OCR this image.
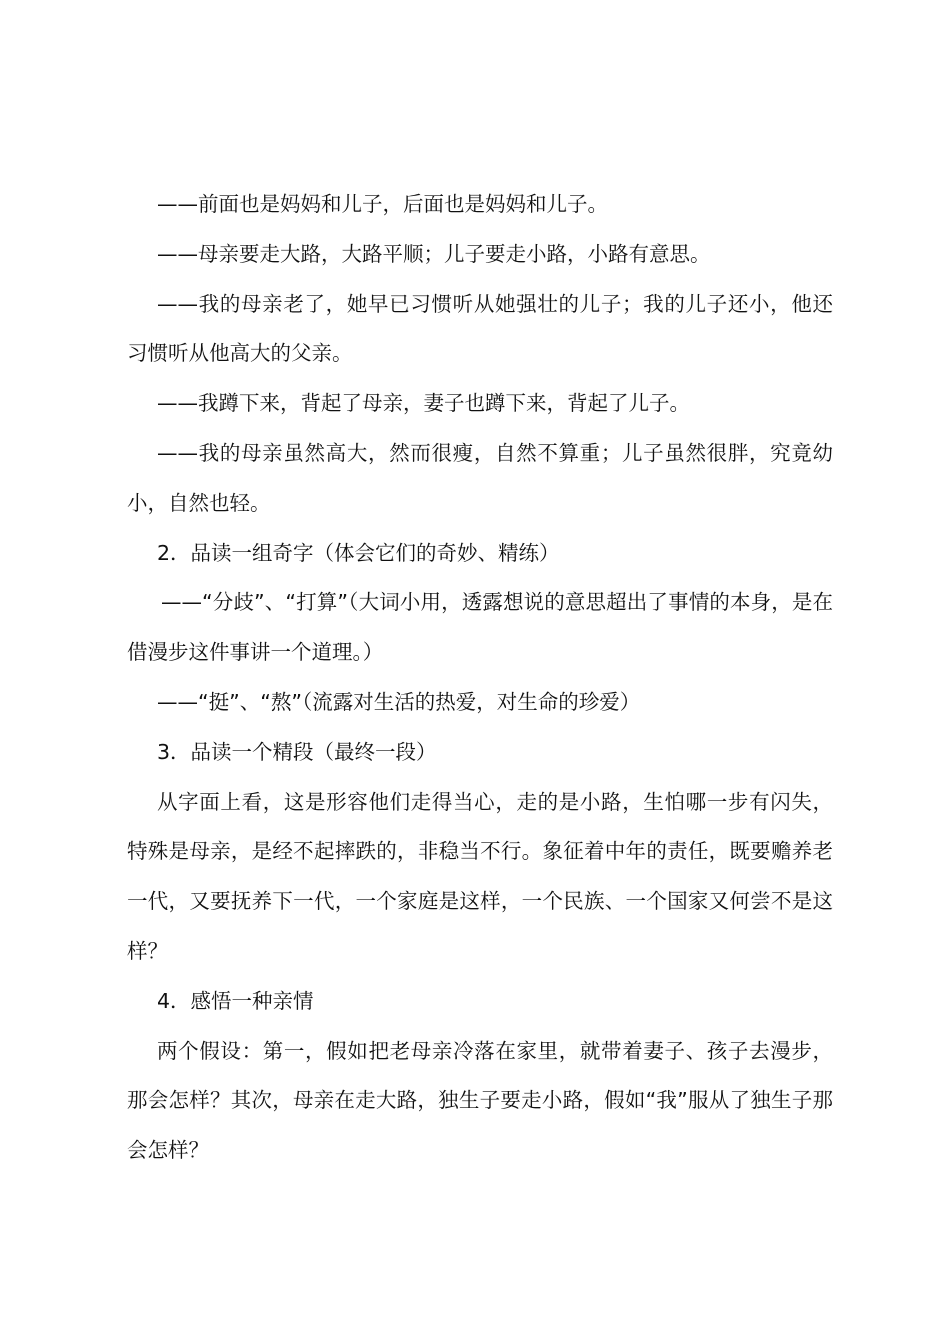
——前面也是妈妈和儿子，后面也是妈妈和儿子。

——母亲要走大路，大路平顺；儿子要走小路，小路有意思。

——我的母亲老了，她早已习惯听从她强壮的儿子；我的儿子还小，他还习惯听从他高大的父亲。

——我蹲下来，背起了母亲，妻子也蹲下来，背起了儿子。

——我的母亲虽然高大，然而很瘦，自然不算重；儿子虽然很胖，究竟幼小，自然也轻。

2．品读一组奇字（体会它们的奇妙、精练）

——“分歧”、“打算”（大词小用，透露想说的意思超出了事情的本身，是在借漫步这件事讲一个道理。）

——“挺”、“熬”（流露对生活的热爱，对生命的珍爱）

3．品读一个精段（最终一段）

从字面上看，这是形容他们走得当心，走的是小路，生怕哪一步有闪失，特殊是母亲，是经不起摔跌的，非稳当不行。象征着中年的责任，既要赡养老一代，又要抚养下一代，一个家庭是这样，一个民族、一个国家又何尝不是这样？

4．感悟一种亲情

两个假设：第一，假如把老母亲冷落在家里，就带着妻子、孩子去漫步，那会怎样？其次，母亲在走大路，独生子要走小路，假如“我”服从了独生子那会怎样？
